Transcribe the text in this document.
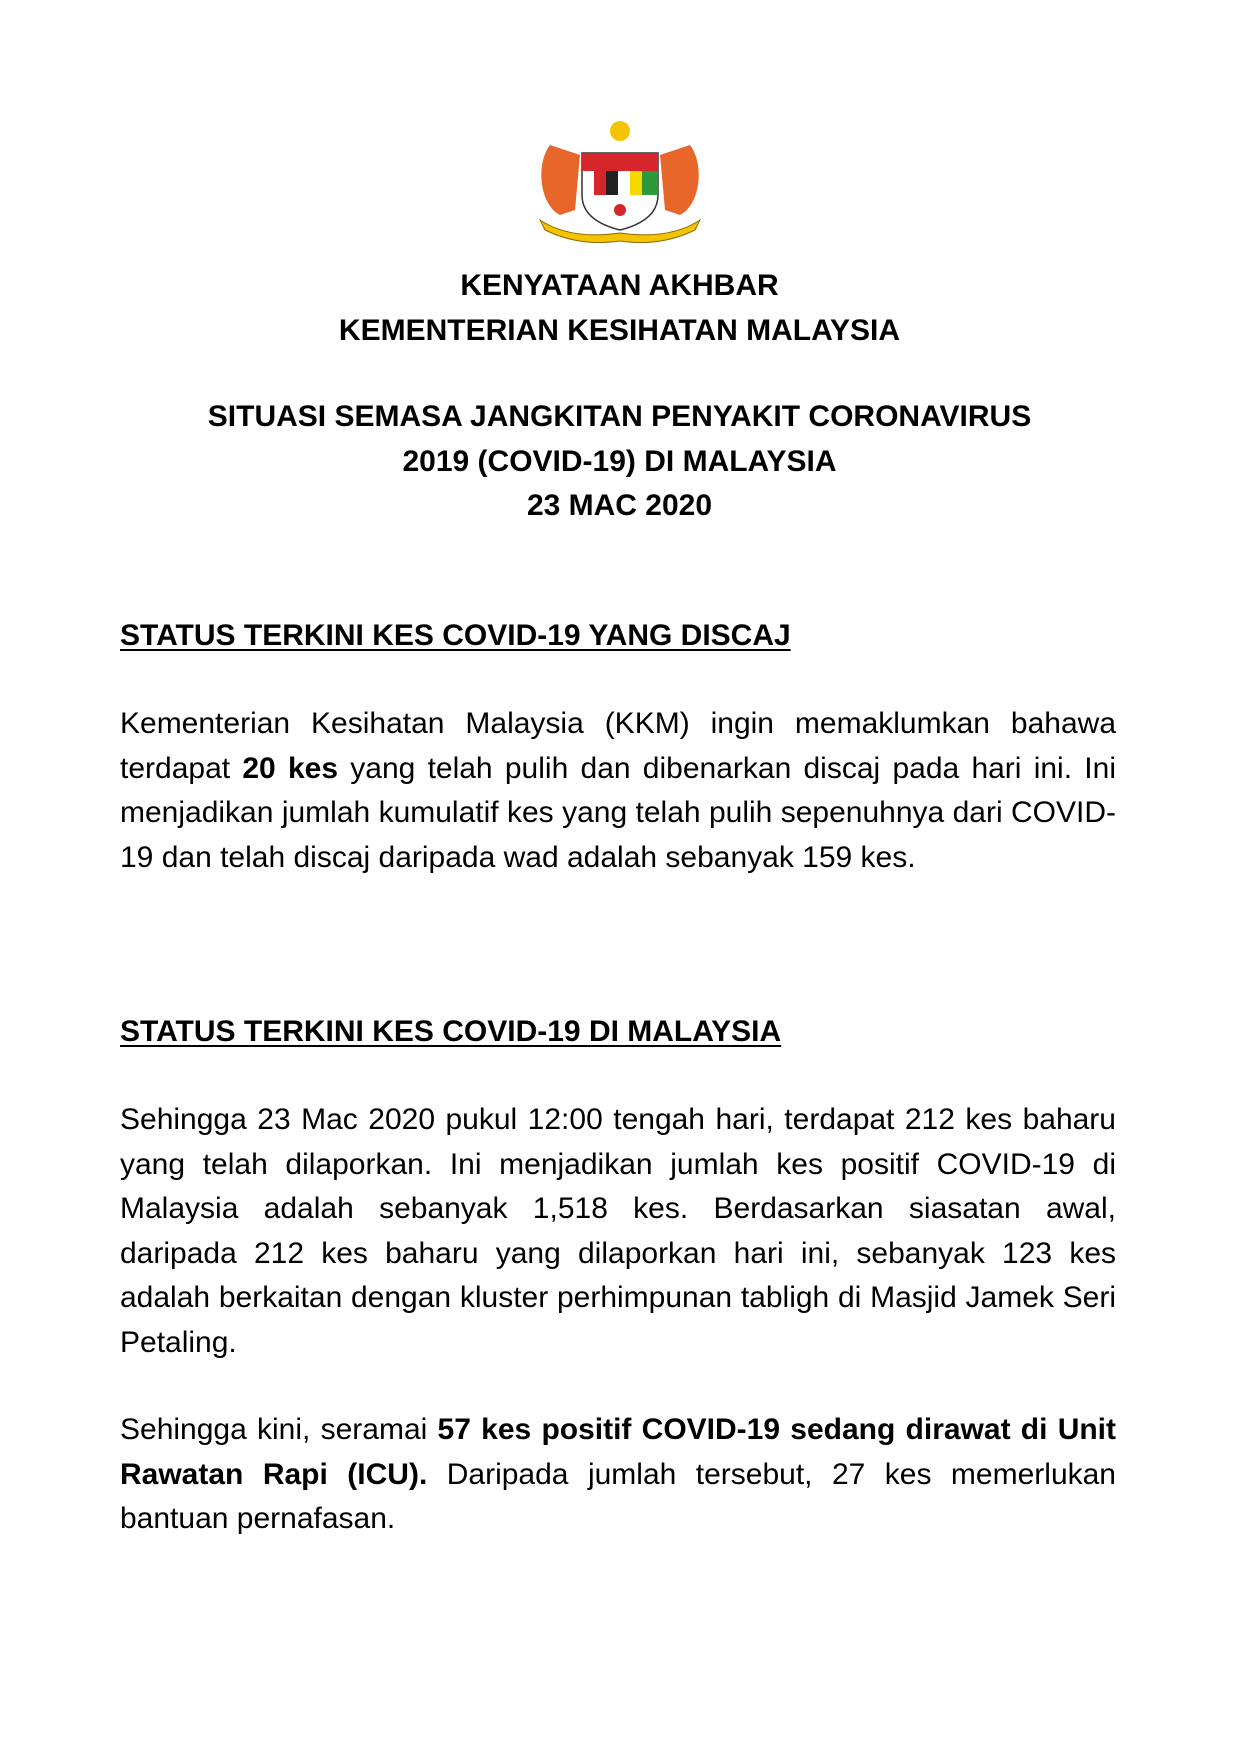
KENYATAAN AKHBAR
KEMENTERIAN KESIHATAN MALAYSIA
SITUASI SEMASA JANGKITAN PENYAKIT CORONAVIRUS
2019 (COVID-19) DI MALAYSIA
23 MAC 2020
STATUS TERKINI KES COVID-19 YANG DISCAJ
Kementerian Kesihatan Malaysia (KKM) ingin memaklumkan bahawa terdapat 20 kes yang telah pulih dan dibenarkan discaj pada hari ini. Ini menjadikan jumlah kumulatif kes yang telah pulih sepenuhnya dari COVID-19 dan telah discaj daripada wad adalah sebanyak 159 kes.
STATUS TERKINI KES COVID-19 DI MALAYSIA
Sehingga 23 Mac 2020 pukul 12:00 tengah hari, terdapat 212 kes baharu yang telah dilaporkan. Ini menjadikan jumlah kes positif COVID-19 di Malaysia adalah sebanyak 1,518 kes. Berdasarkan siasatan awal, daripada 212 kes baharu yang dilaporkan hari ini, sebanyak 123 kes adalah berkaitan dengan kluster perhimpunan tabligh di Masjid Jamek Seri Petaling.
Sehingga kini, seramai 57 kes positif COVID-19 sedang dirawat di Unit Rawatan Rapi (ICU). Daripada jumlah tersebut, 27 kes memerlukan bantuan pernafasan.
